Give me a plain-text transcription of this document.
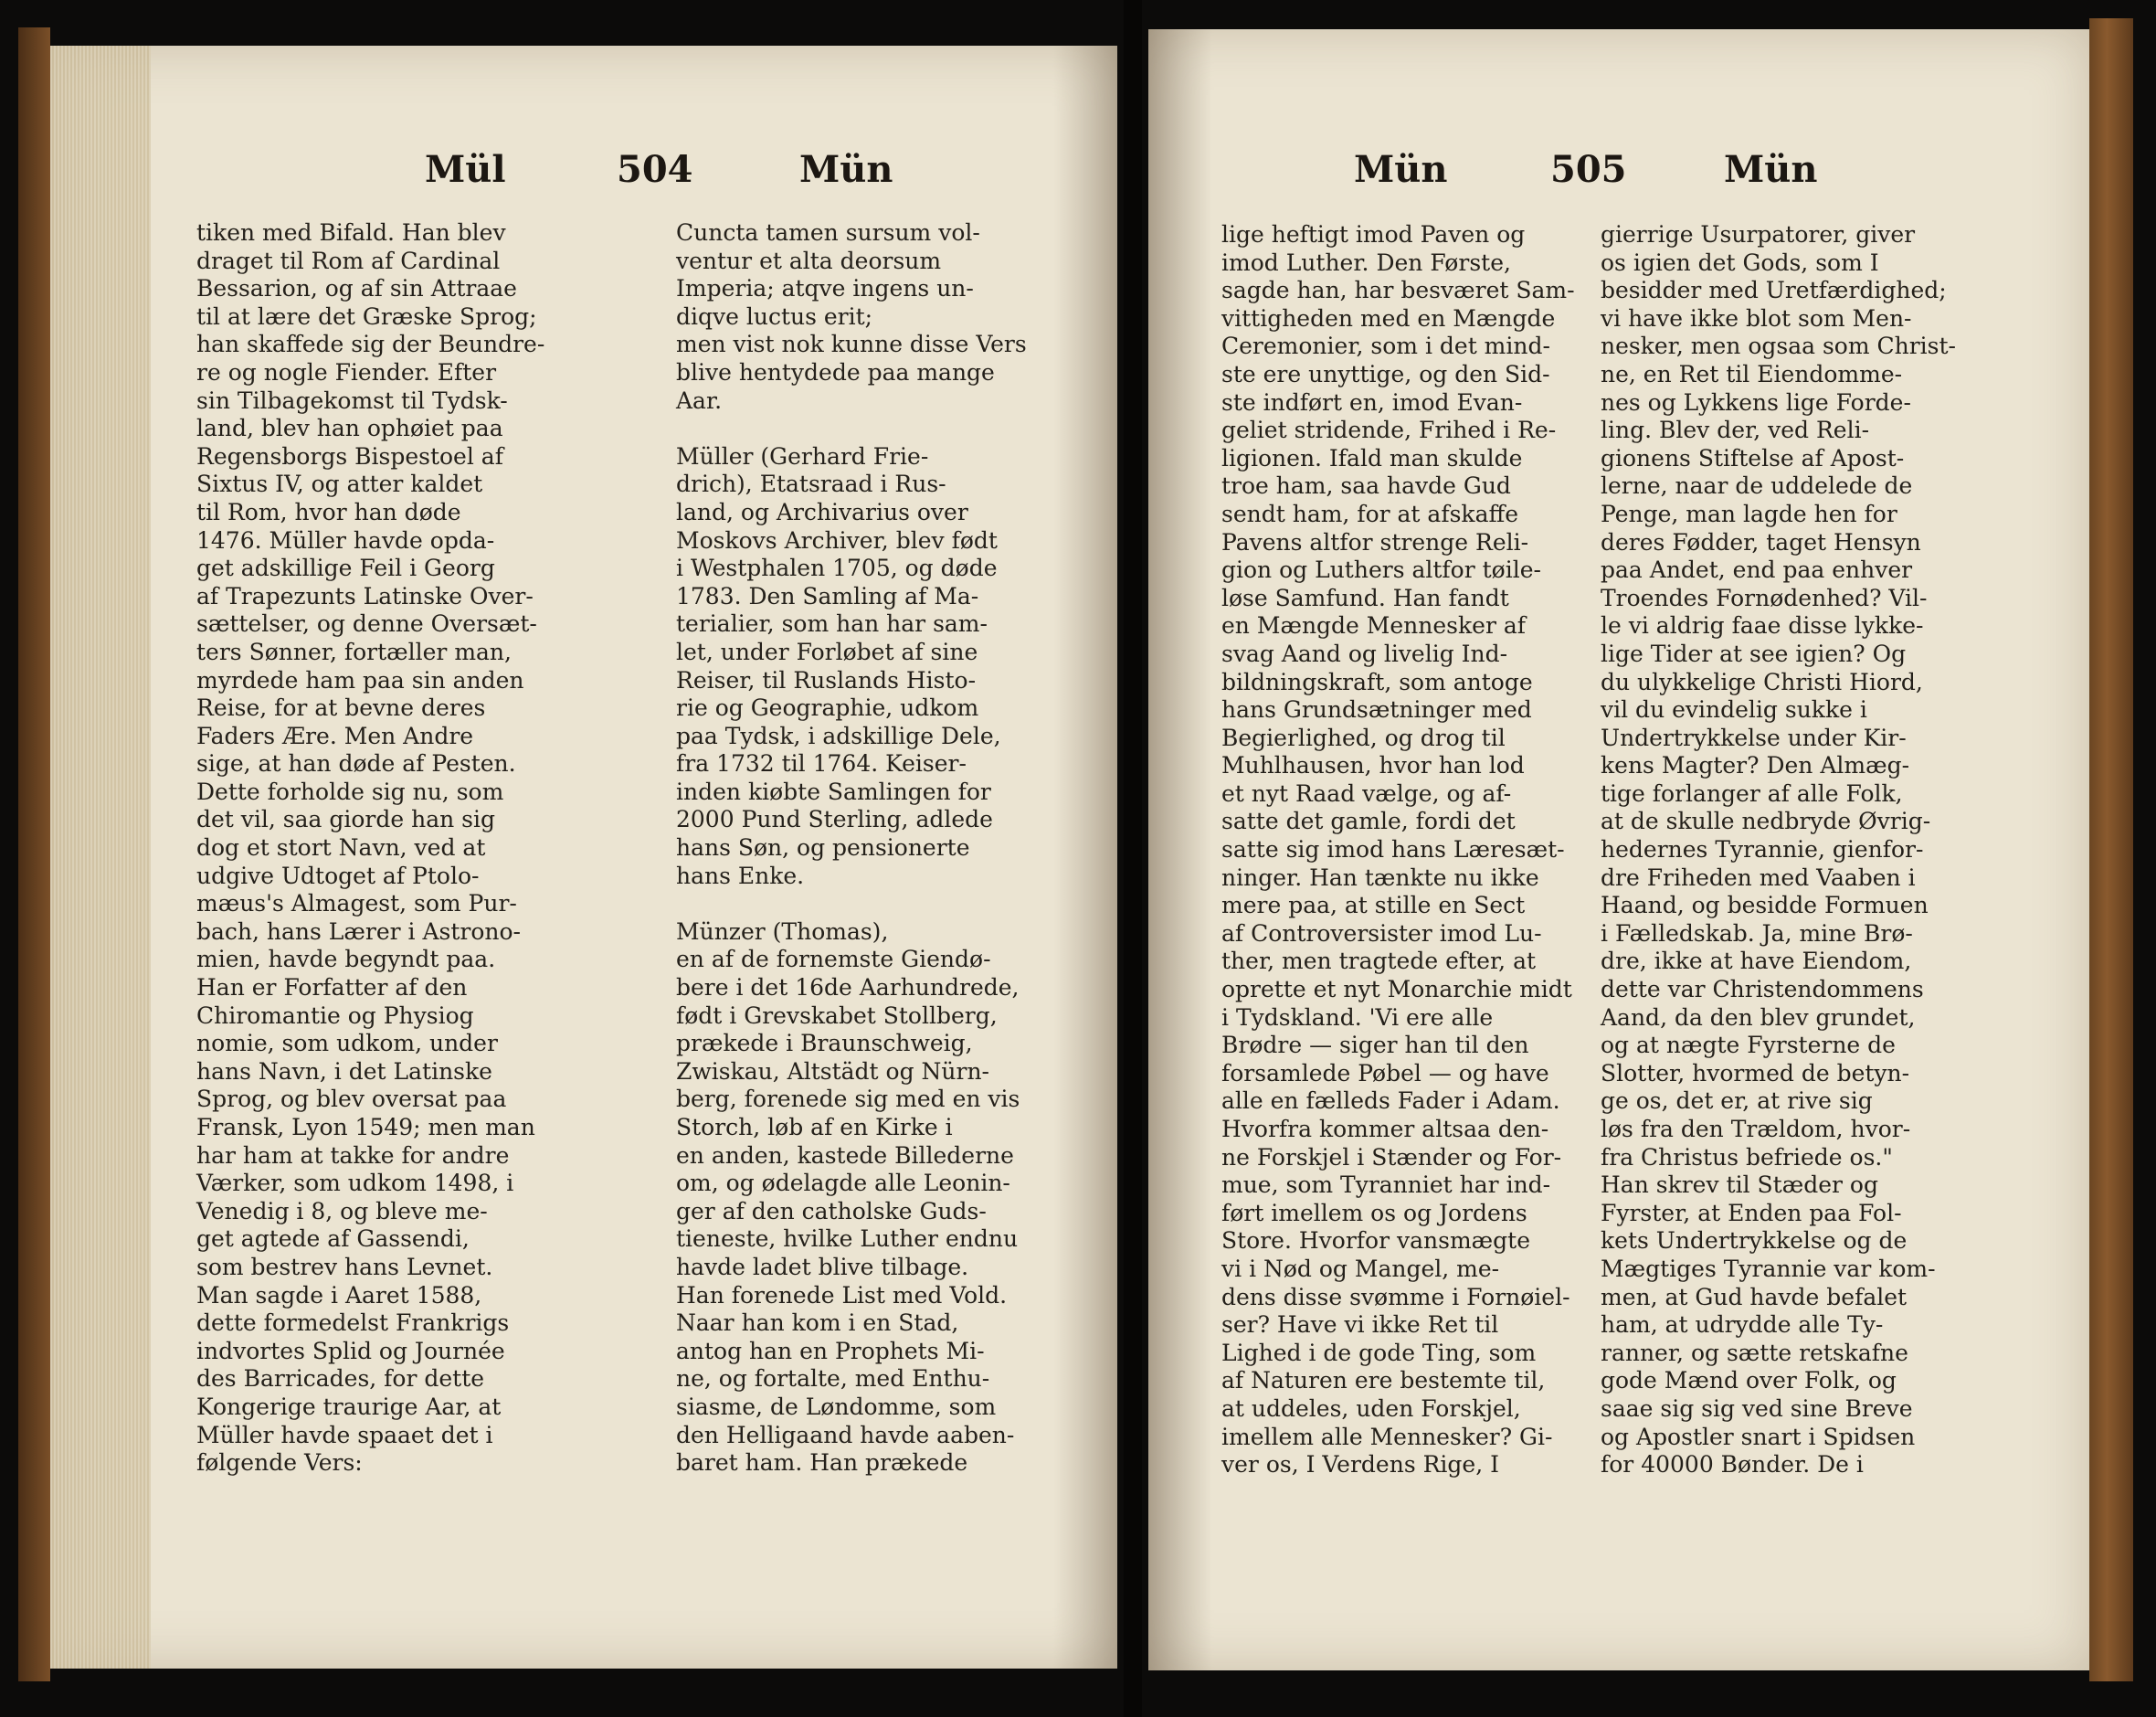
Mül	504	Mün

tiken med Bifald. Han blev

draget til Rom af Cardinal

Bessarion, og af sin Attraae

til at lære det Græske Sprog;

han skaffede sig der Beundre-

re og nogle Fiender. Efter

sin Tilbagekomst til Tydsk-

land, blev han ophøiet paa

Regensborgs Bispestoel af

Sixtus IV, og atter kaldet

til Rom, hvor han døde

1476. Müller havde opda-

get adskillige Feil i Georg

af Trapezunts Latinske Over-

sættelser, og denne Oversæt-

ters Sønner, fortæller man,

myrdede ham paa sin anden

Reise, for at bevne deres

Faders Ære. Men Andre

sige, at han døde af Pesten.

Dette forholde sig nu, som

det vil, saa giorde han sig

dog et stort Navn, ved at

udgive Udtoget af Ptolo-

mæus's Almagest, som Pur-

bach, hans Lærer i Astrono-

mien, havde begyndt paa.

Han er Forfatter af den

Chiromantie og Physiog

nomie, som udkom, under

hans Navn, i det Latinske

Sprog, og blev oversat paa

Fransk, Lyon 1549; men man

har ham at takke for andre

Værker, som udkom 1498, i

Venedig i 8, og bleve me-

get agtede af Gassendi,

som bestrev hans Levnet.

Man sagde i Aaret 1588,

dette formedelst Frankrigs

indvortes Splid og Journée

des Barricades, for dette

Kongerige traurige Aar, at

Müller havde spaaet det i

følgende Vers:

Cuncta tamen sursum vol-

ventur et alta deorsum

Imperia; atqve ingens un-

diqve luctus erit;

men vist nok kunne disse Vers

blive hentydede paa mange

Aar.

Müller (Gerhard Frie-

drich), Etatsraad i Rus-

land, og Archivarius over

Moskovs Archiver, blev født

i Westphalen 1705, og døde

1783. Den Samling af Ma-

terialier, som han har sam-

let, under Forløbet af sine

Reiser, til Ruslands Histo-

rie og Geographie, udkom

paa Tydsk, i adskillige Dele,

fra 1732 til 1764. Keiser-

inden kiøbte Samlingen for

2000 Pund Sterling, adlede

hans Søn, og pensionerte

hans Enke.

Münzer (Thomas),

en af de fornemste Giendø-

bere i det 16de Aarhundrede,

født i Grevskabet Stollberg,

prækede i Braunschweig,

Zwiskau, Altstädt og Nürn-

berg, forenede sig med en vis

Storch, løb af en Kirke i

en anden, kastede Billederne

om, og ødelagde alle Leonin-

ger af den catholske Guds-

tieneste, hvilke Luther endnu

havde ladet blive tilbage.

Han forenede List med Vold.

Naar han kom i en Stad,

antog han en Prophets Mi-

ne, og fortalte, med Enthu-

siasme, de Løndomme, som

den Helligaand havde aaben-

baret ham. Han prækede

Mün	505	Mün

lige heftigt imod Paven og

imod Luther. Den Første,

sagde han, har besværet Sam-

vittigheden med en Mængde

Ceremonier, som i det mind-

ste ere unyttige, og den Sid-

ste indført en, imod Evan-

geliet stridende, Frihed i Re-

ligionen. Ifald man skulde

troe ham, saa havde Gud

sendt ham, for at afskaffe

Pavens altfor strenge Reli-

gion og Luthers altfor tøile-

løse Samfund. Han fandt

en Mængde Mennesker af

svag Aand og livelig Ind-

bildningskraft, som antoge

hans Grundsætninger med

Begierlighed, og drog til

Muhlhausen, hvor han lod

et nyt Raad vælge, og af-

satte det gamle, fordi det

satte sig imod hans Læresæt-

ninger. Han tænkte nu ikke

mere paa, at stille en Sect

af Controversister imod Lu-

ther, men tragtede efter, at

oprette et nyt Monarchie midt

i Tydskland. 'Vi ere alle

Brødre — siger han til den

forsamlede Pøbel — og have

alle en fælleds Fader i Adam.

Hvorfra kommer altsaa den-

ne Forskjel i Stænder og For-

mue, som Tyranniet har ind-

ført imellem os og Jordens

Store. Hvorfor vansmægte

vi i Nød og Mangel, me-

dens disse svømme i Fornøiel-

ser? Have vi ikke Ret til

Lighed i de gode Ting, som

af Naturen ere bestemte til,

at uddeles, uden Forskjel,

imellem alle Mennesker? Gi-

ver os, I Verdens Rige, I

gierrige Usurpatorer, giver

os igien det Gods, som I

besidder med Uretfærdighed;

vi have ikke blot som Men-

nesker, men ogsaa som Christ-

ne, en Ret til Eiendomme-

nes og Lykkens lige Forde-

ling. Blev der, ved Reli-

gionens Stiftelse af Apost-

lerne, naar de uddelede de

Penge, man lagde hen for

deres Fødder, taget Hensyn

paa Andet, end paa enhver

Troendes Fornødenhed? Vil-

le vi aldrig faae disse lykke-

lige Tider at see igien? Og

du ulykkelige Christi Hiord,

vil du evindelig sukke i

Undertrykkelse under Kir-

kens Magter? Den Almæg-

tige forlanger af alle Folk,

at de skulle nedbryde Øvrig-

hedernes Tyrannie, gienfor-

dre Friheden med Vaaben i

Haand, og besidde Formuen

i Fælledskab. Ja, mine Brø-

dre, ikke at have Eiendom,

dette var Christendommens

Aand, da den blev grundet,

og at nægte Fyrsterne de

Slotter, hvormed de betyn-

ge os, det er, at rive sig

løs fra den Trældom, hvor-

fra Christus befriede os."

Han skrev til Stæder og

Fyrster, at Enden paa Fol-

kets Undertrykkelse og de

Mægtiges Tyrannie var kom-

men, at Gud havde befalet

ham, at udrydde alle Ty-

ranner, og sætte retskafne

gode Mænd over Folk, og

saae sig sig ved sine Breve

og Apostler snart i Spidsen

for 40000 Bønder. De i
